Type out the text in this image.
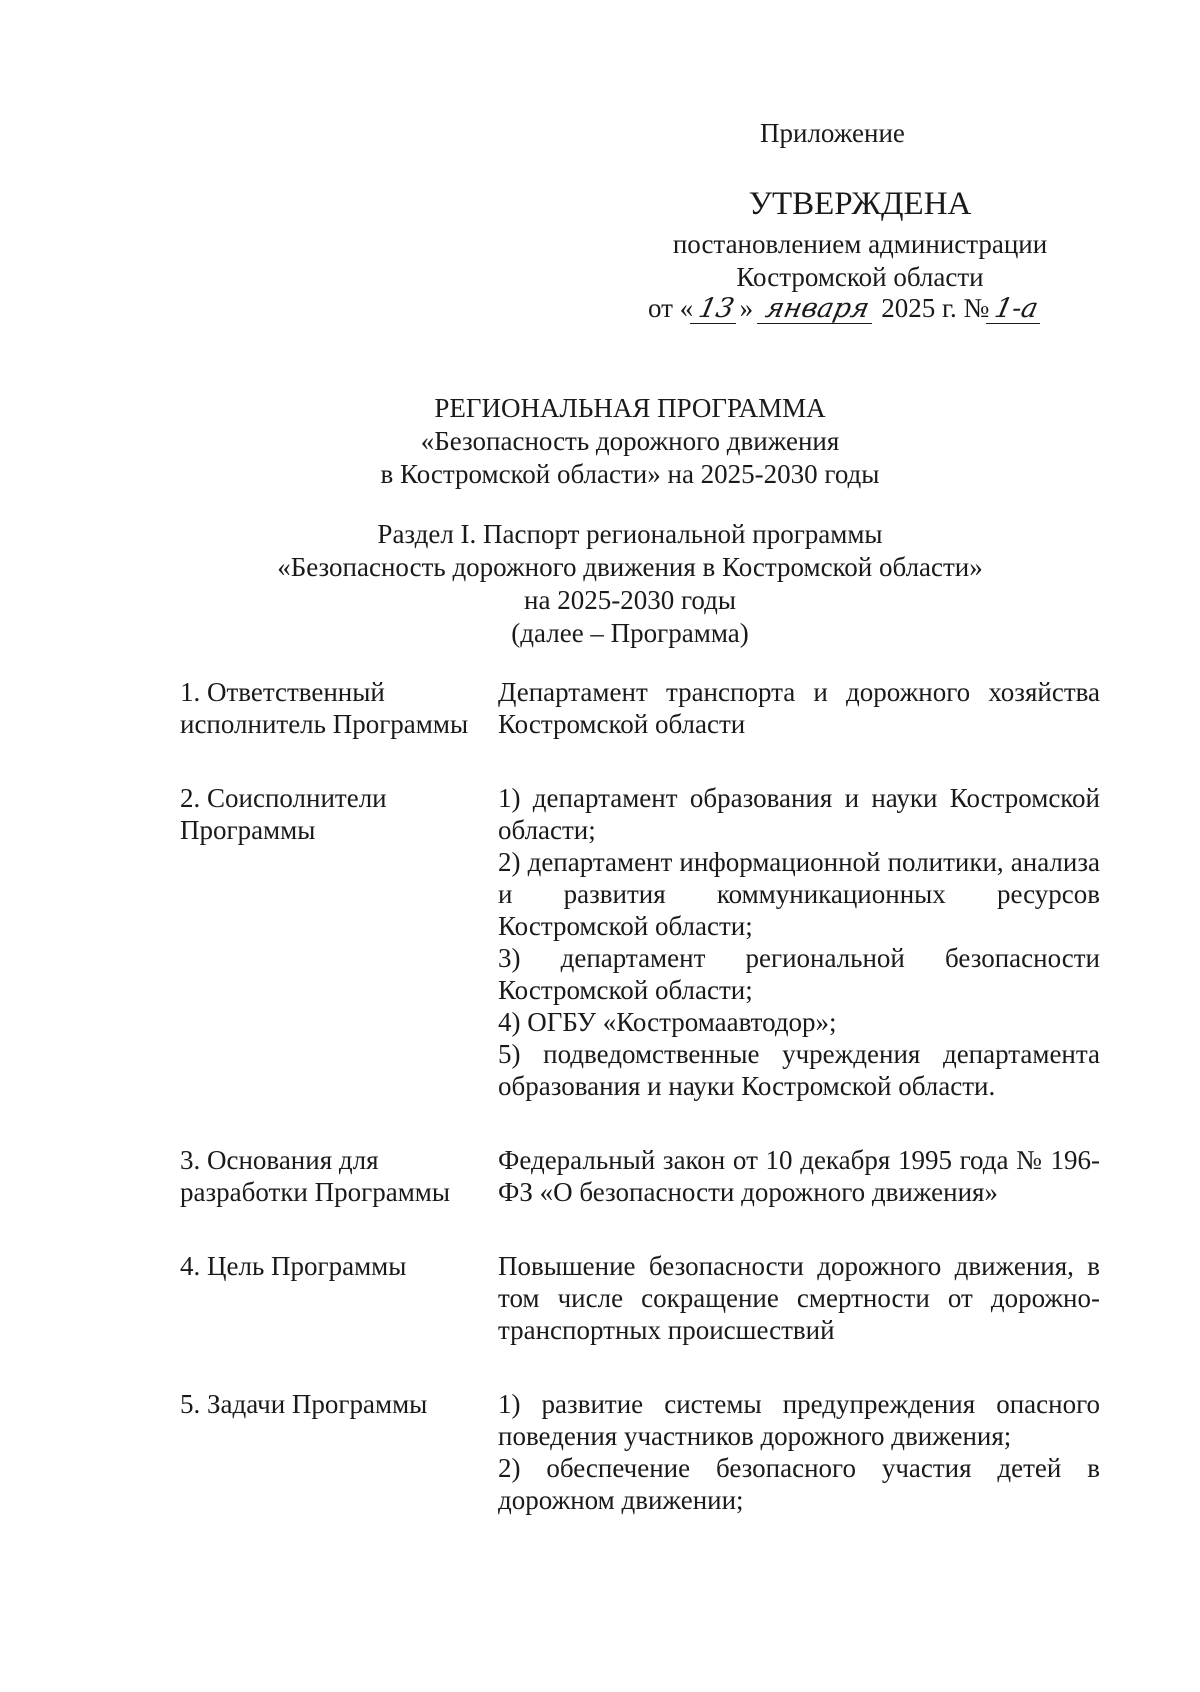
Приложение
УТВЕРЖДЕНА
постановлением администрации
Костромской области
от « 13» января 2025 г. № 1-а
РЕГИОНАЛЬНАЯ ПРОГРАММА
«Безопасность дорожного движения
в Костромской области» на 2025-2030 годы
Раздел I. Паспорт региональной программы
«Безопасность дорожного движения в Костромской области»
на 2025-2030 годы
(далее – Программа)
1. Ответственный исполнитель Программы

Департамент транспорта и дорожного хозяйства Костромской области

2. Соисполнители Программы

1) департамент образования и науки Костромской области;

2) департамент информационной политики, анализа и развития коммуникационных ресурсов Костромской области;

3) департамент региональной безопасности Костромской области;

4) ОГБУ «Костромаавтодор»;

5) подведомственные учреждения департамента образования и науки Костромской области.

3. Основания для разработки Программы

Федеральный закон от 10 декабря 1995 года № 196-ФЗ «О безопасности дорожного движения»

4. Цель Программы	Повышение безопасности дорожного движения, в том числе сокращение смертности от дорожно-транспортных происшествий

5. Задачи Программы	1) развитие системы предупреждения опасного поведения участников дорожного движения;

2) обеспечение безопасного участия детей в дорожном движении;
